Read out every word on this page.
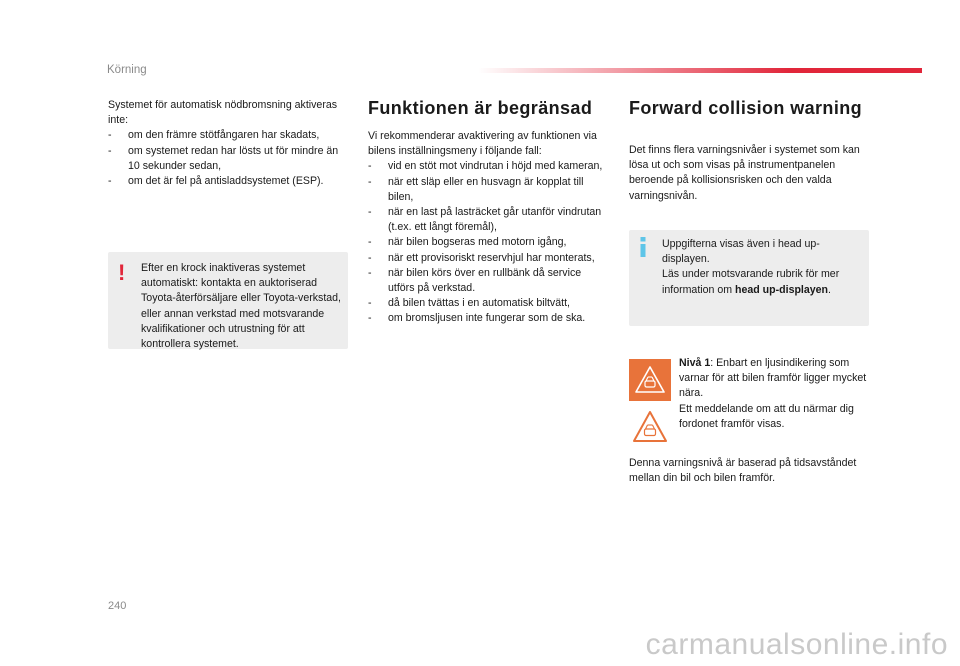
Körning
Systemet för automatisk nödbromsning aktiveras inte:
- om den främre stötfångaren har skadats,
- om systemet redan har lösts ut för mindre än 10 sekunder sedan,
- om det är fel på antisladdsystemet (ESP).
! Efter en krock inaktiveras systemet automatiskt: kontakta en auktoriserad Toyota-återförsäljare eller Toyota-verkstad, eller annan verkstad med motsvarande kvalifikationer och utrustning för att kontrollera systemet.
Funktionen är begränsad
Vi rekommenderar avaktivering av funktionen via bilens inställningsmeny i följande fall:
- vid en stöt mot vindrutan i höjd med kameran,
- när ett släp eller en husvagn är kopplat till bilen,
- när en last på lasträcket går utanför vindrutan (t.ex. ett långt föremål),
- när bilen bogseras med motorn igång,
- när ett provisoriskt reservhjul har monterats,
- när bilen körs över en rullbänk då service utförs på verkstad.
- då bilen tvättas i en automatisk biltvätt,
- om bromsljusen inte fungerar som de ska.
Forward collision warning
Det finns flera varningsnivåer i systemet som kan lösa ut och som visas på instrumentpanelen beroende på kollisionsrisken och den valda varningsnivån.
Uppgifterna visas även i head up-displayen.
Läs under motsvarande rubrik för mer information om head up-displayen.
Nivå 1: Enbart en ljusindikering som varnar för att bilen framför ligger mycket nära.
Ett meddelande om att du närmar dig fordonet framför visas.
Denna varningsnivå är baserad på tidsavståndet mellan din bil och bilen framför.
240
carmanualsonline.info
